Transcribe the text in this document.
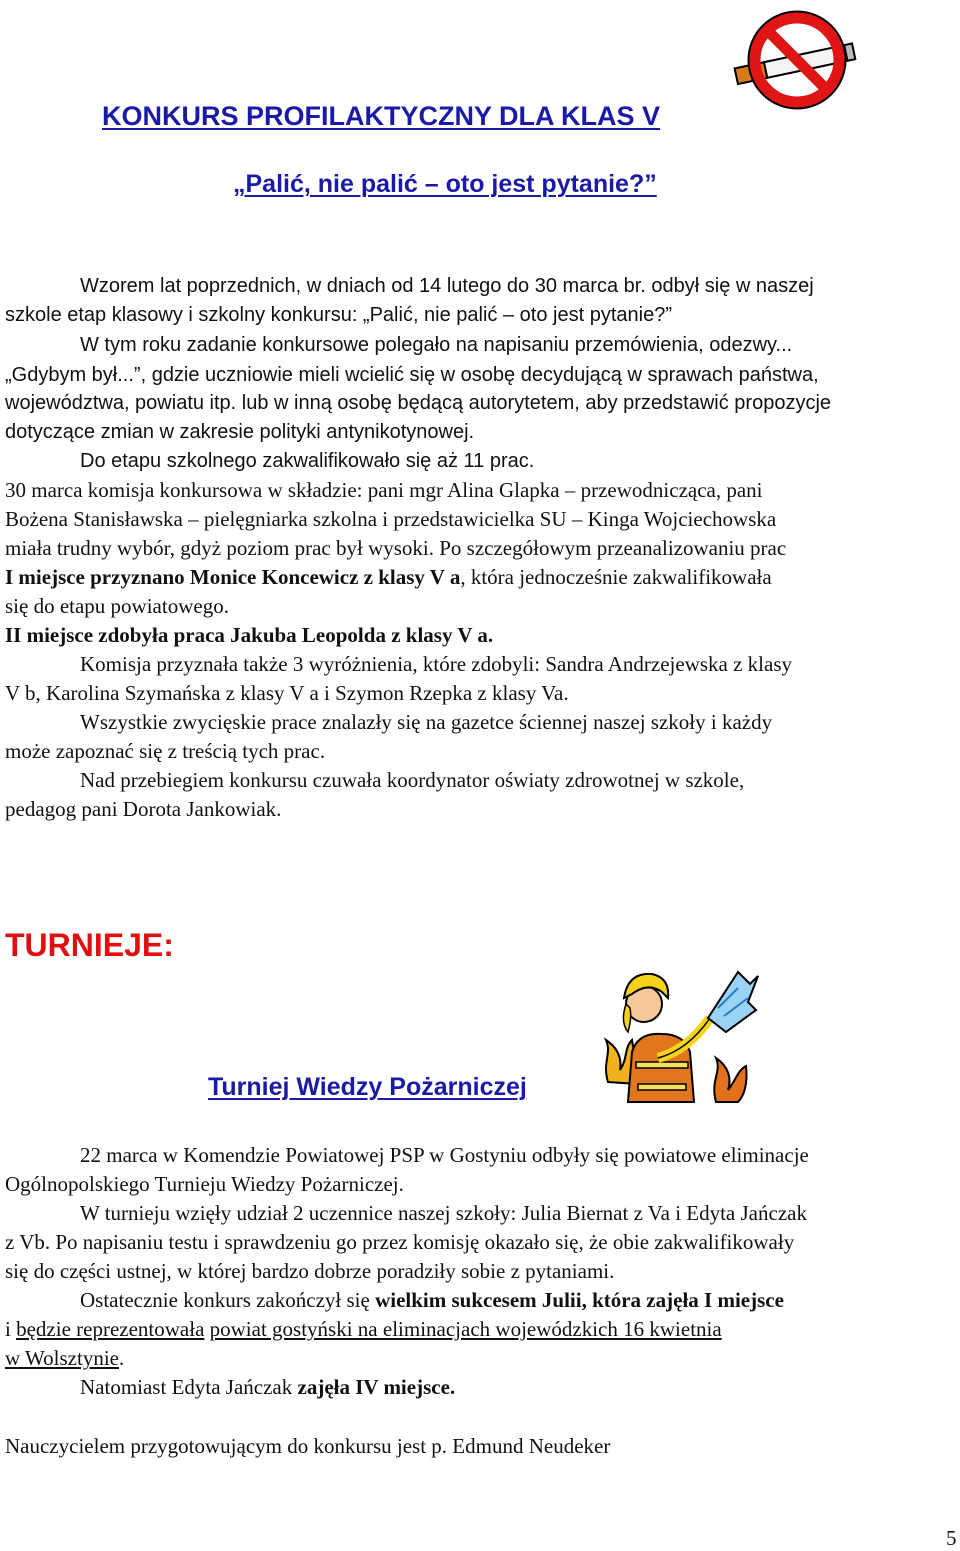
KONKURS PROFILAKTYCZNY DLA KLAS V
„Palić, nie palić – oto jest pytanie?”
Wzorem lat poprzednich, w dniach od 14 lutego do 30 marca br. odbył się w naszej
szkole etap klasowy i szkolny konkursu: „Palić, nie palić – oto jest pytanie?”
W tym roku zadanie konkursowe polegało na napisaniu przemówienia, odezwy...
„Gdybym był...”, gdzie uczniowie mieli wcielić się w osobę decydującą w sprawach państwa,
województwa, powiatu itp. lub w inną osobę będącą autorytetem, aby przedstawić propozycje
dotyczące zmian w zakresie polityki antynikotynowej.
Do etapu szkolnego zakwalifikowało się aż 11 prac.
30 marca komisja konkursowa w składzie: pani mgr Alina Glapka – przewodnicząca, pani
Bożena Stanisławska – pielęgniarka szkolna i przedstawicielka SU – Kinga Wojciechowska
miała trudny wybór, gdyż poziom prac był wysoki. Po szczegółowym przeanalizowaniu prac
I miejsce przyznano Monice Koncewicz z klasy V a, która jednocześnie zakwalifikowała
się do etapu powiatowego.
II miejsce zdobyła praca Jakuba Leopolda z klasy V a.
Komisja przyznała także 3 wyróżnienia, które zdobyli: Sandra Andrzejewska z klasy
V b, Karolina Szymańska z klasy V a i Szymon Rzepka z klasy Va.
Wszystkie zwycięskie prace znalazły się na gazetce ściennej naszej szkoły i każdy
może zapoznać się z treścią tych prac.
Nad przebiegiem konkursu czuwała koordynator oświaty zdrowotnej w szkole,
pedagog pani Dorota Jankowiak.
TURNIEJE:
Turniej Wiedzy Pożarniczej
22 marca w Komendzie Powiatowej PSP w Gostyniu odbyły się powiatowe eliminacje
Ogólnopolskiego Turnieju Wiedzy Pożarniczej.
W turnieju wzięły udział 2 uczennice naszej szkoły: Julia Biernat z Va i Edyta Jańczak
z Vb. Po napisaniu testu i sprawdzeniu go przez komisję okazało się, że obie zakwalifikowały
się do części ustnej, w której bardzo dobrze poradziły sobie z pytaniami.
Ostatecznie konkurs zakończył się wielkim sukcesem Julii, która zajęła I miejsce
i będzie reprezentowała powiat gostyński na eliminacjach wojewódzkich 16 kwietnia
w Wolsztynie.
Natomiast Edyta Jańczak zajęła IV miejsce.
Nauczycielem przygotowującym do konkursu jest p. Edmund Neudeker
5
